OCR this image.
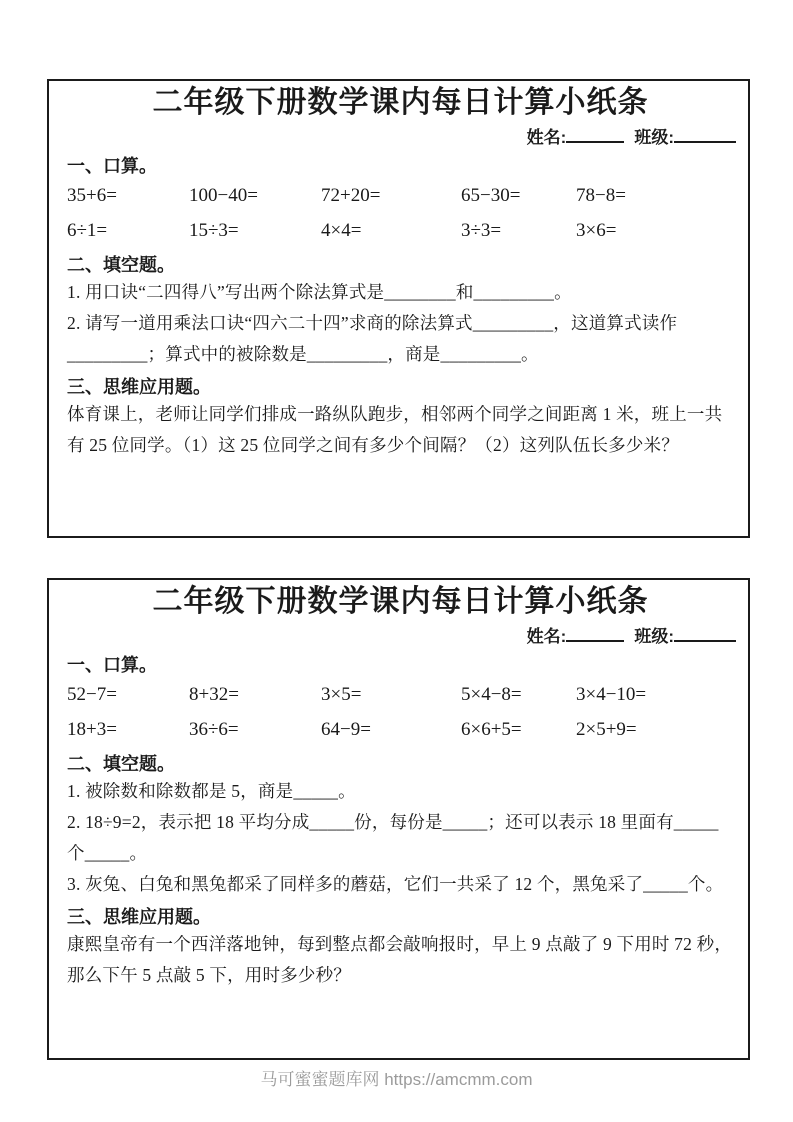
二年级下册数学课内每日计算小纸条
姓名:	班级:
一、口算。
35+6=	100−40=	72+20=	65−30=	78−8=
6÷1=	15÷3=	4×4=	3÷3=	3×6=
二、填空题。
1. 用口诀“二四得八”写出两个除法算式是________和_________。
2. 请写一道用乘法口诀“四六二十四”求商的除法算式_________，这道算式读作_________；算式中的被除数是_________，商是_________。
三、思维应用题。
体育课上，老师让同学们排成一路纵队跑步，相邻两个同学之间距离 1 米，班上一共有 25 位同学。（1）这 25 位同学之间有多少个间隔？（2）这列队伍长多少米？
二年级下册数学课内每日计算小纸条
姓名:	班级:
一、口算。
52−7=	8+32=	3×5=	5×4−8=	3×4−10=
18+3=	36÷6=	64−9=	6×6+5=	2×5+9=
二、填空题。
1. 被除数和除数都是 5，商是_____。
2. 18÷9=2，表示把 18 平均分成_____份，每份是_____；还可以表示 18 里面有_____个_____。
3. 灰兔、白兔和黑兔都采了同样多的蘑菇，它们一共采了 12 个，黑兔采了_____个。
三、思维应用题。
康熙皇帝有一个西洋落地钟，每到整点都会敲响报时，早上 9 点敲了 9 下用时 72 秒，那么下午 5 点敲 5 下，用时多少秒？
马可蜜蜜题库网 https://amcmm.com
